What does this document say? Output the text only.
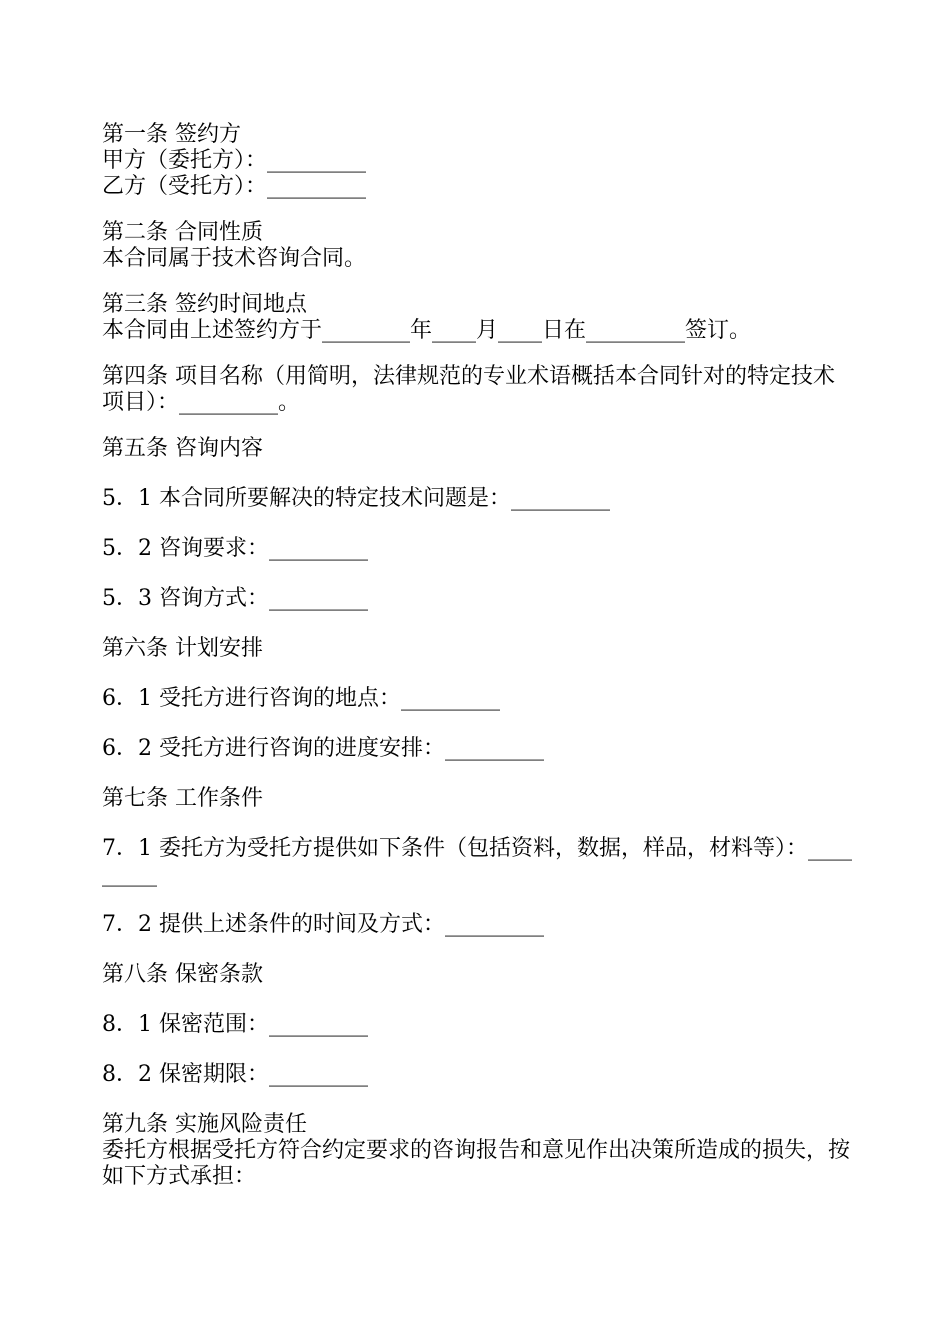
第一条 签约方
甲方（委托方）：_________
乙方（受托方）：_________
第二条 合同性质
本合同属于技术咨询合同。
第三条 签约时间地点
本合同由上述签约方于________年____月____日在_________签订。
第四条 项目名称（用简明，法律规范的专业术语概括本合同针对的特定技术项目）：_________。
第五条 咨询内容
5．1 本合同所要解决的特定技术问题是：_________
5．2 咨询要求：_________
5．3 咨询方式：_________
第六条 计划安排
6．1 受托方进行咨询的地点：_________
6．2 受托方进行咨询的进度安排：_________
第七条 工作条件
7．1 委托方为受托方提供如下条件（包括资料，数据，样品，材料等）：_________
7．2 提供上述条件的时间及方式：_________
第八条 保密条款
8．1 保密范围：_________
8．2 保密期限：_________
第九条 实施风险责任
委托方根据受托方符合约定要求的咨询报告和意见作出决策所造成的损失，按如下方式承担：
